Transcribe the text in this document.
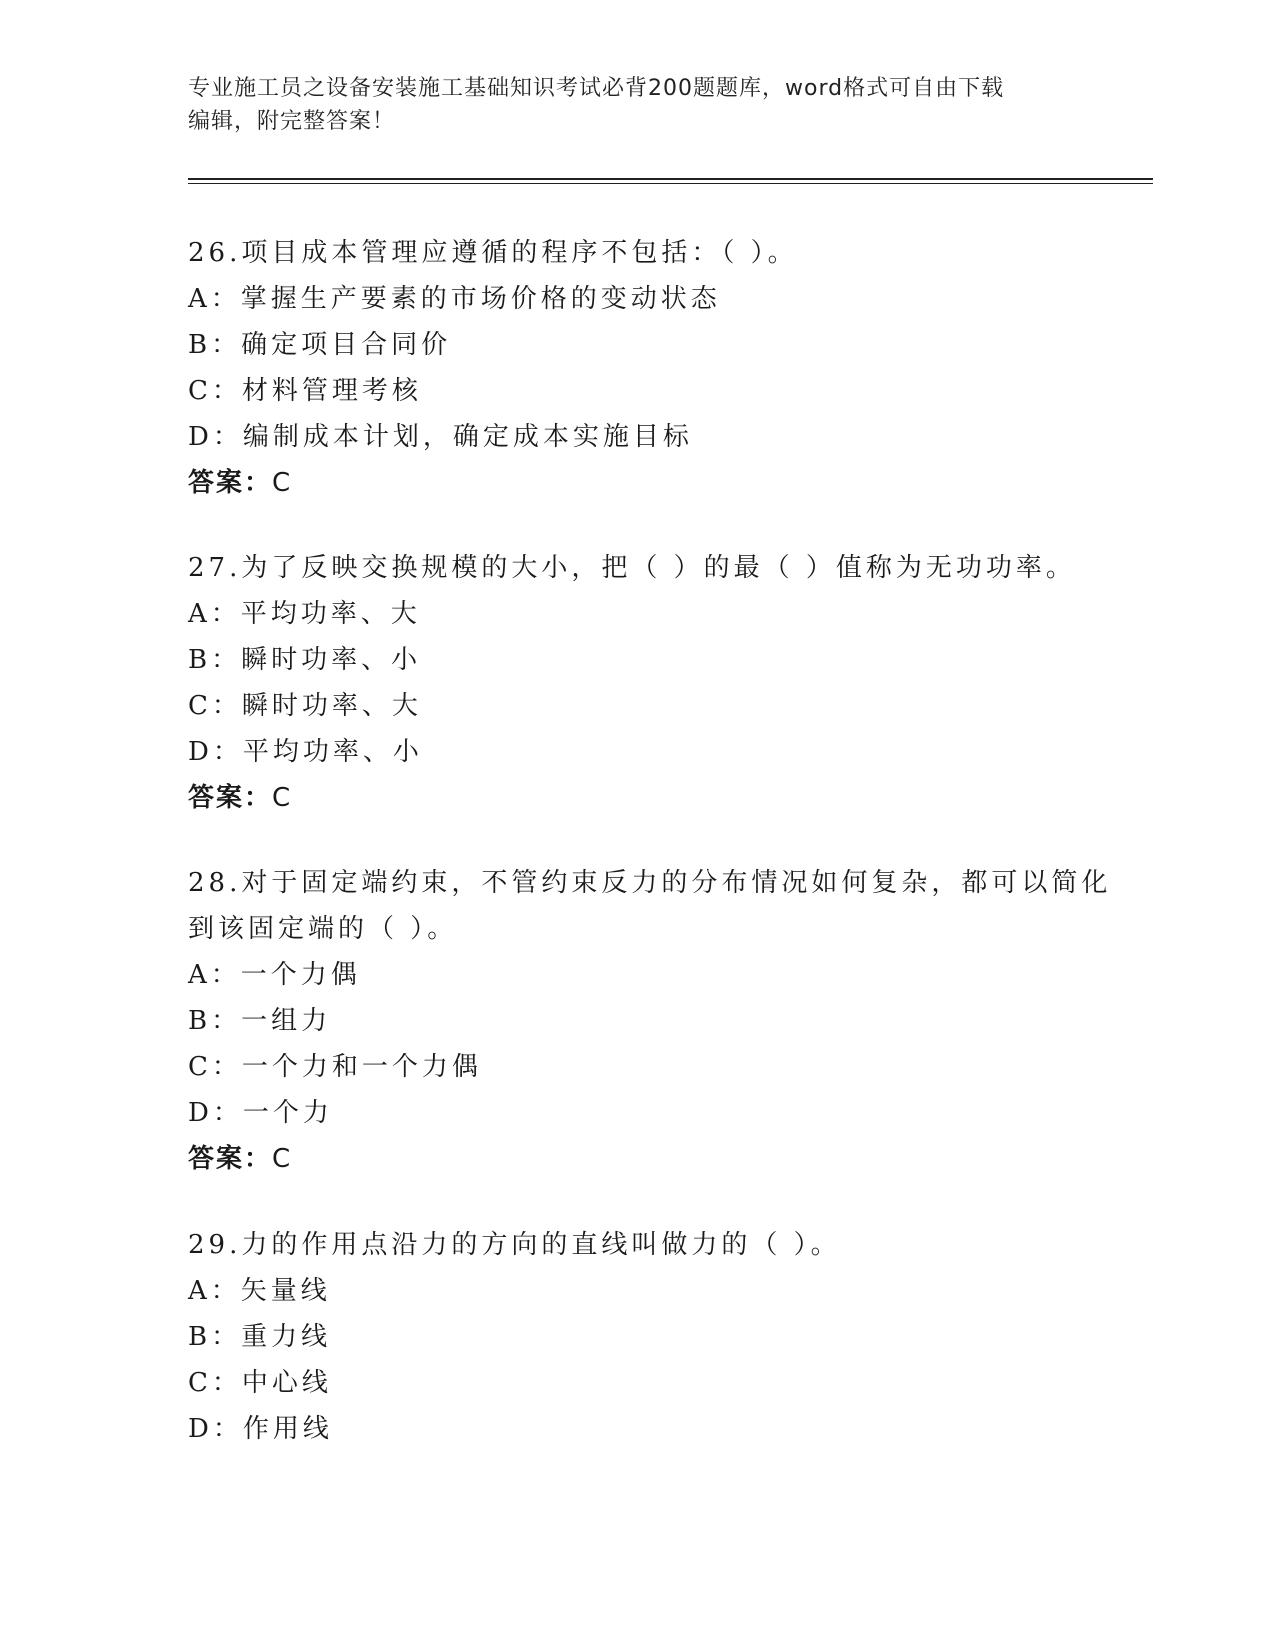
专业施工员之设备安装施工基础知识考试必背200题题库，word格式可自由下载
编辑，附完整答案！
26.项目成本管理应遵循的程序不包括：（ ）。
A：掌握生产要素的市场价格的变动状态
B：确定项目合同价
C：材料管理考核
D：编制成本计划，确定成本实施目标
答案：C
27.为了反映交换规模的大小，把（ ）的最（ ）值称为无功功率。
A：平均功率、大
B：瞬时功率、小
C：瞬时功率、大
D：平均功率、小
答案：C
28.对于固定端约束，不管约束反力的分布情况如何复杂，都可以简化
到该固定端的（ ）。
A：一个力偶
B：一组力
C：一个力和一个力偶
D：一个力
答案：C
29.力的作用点沿力的方向的直线叫做力的（ ）。
A：矢量线
B：重力线
C：中心线
D：作用线
